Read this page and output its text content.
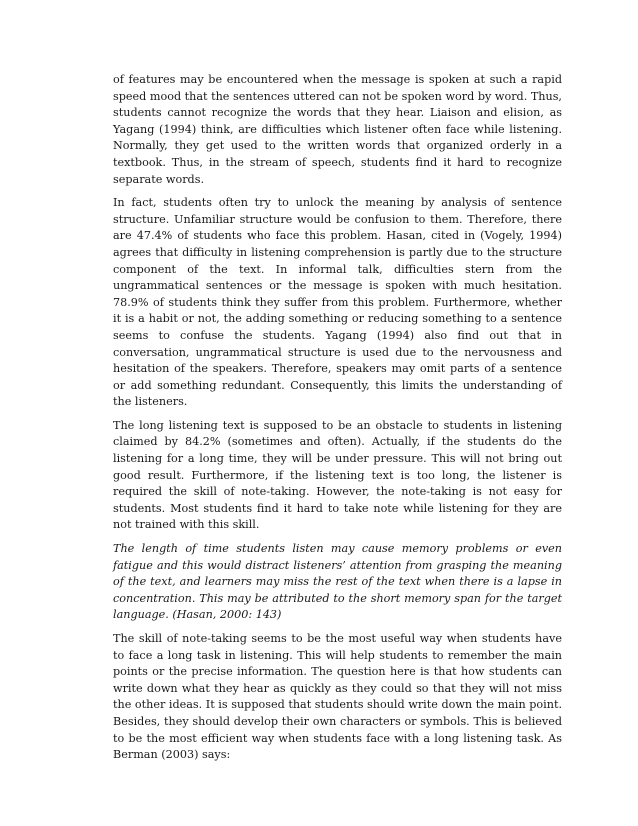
of features may be encountered when the message is spoken at such a rapid speed mood that the sentences uttered can not be spoken word by word. Thus, students cannot recognize the words that they hear. Liaison and elision, as Yagang (1994) think, are difficulties which listener often face while listening. Normally, they get used to the written words that organized orderly in a textbook. Thus, in the stream of speech, students find it hard to recognize separate words.

In fact, students often try to unlock the meaning by analysis of sentence structure. Unfamiliar structure would be confusion to them. Therefore, there are 47.4% of students who face this problem. Hasan, cited in (Vogely, 1994) agrees that difficulty in listening comprehension is partly due to the structure component of the text. In informal talk, difficulties stern from the ungrammatical sentences or the message is spoken with much hesitation. 78.9% of students think they suffer from this problem. Furthermore, whether it is a habit or not, the adding something or reducing something to a sentence seems to confuse the students. Yagang (1994) also find out that in conversation, ungrammatical structure is used due to the nervousness and hesitation of the speakers. Therefore, speakers may omit parts of a sentence or add something redundant. Consequently, this limits the understanding of the listeners.

The long listening text is supposed to be an obstacle to students in listening claimed by 84.2% (sometimes and often). Actually, if the students do the listening for a long time, they will be under pressure. This will not bring out good result. Furthermore, if the listening text is too long, the listener is required the skill of note-taking. However, the note-taking is not easy for students. Most students find it hard to take note while listening for they are not trained with this skill.

The length of time students listen may cause memory problems or even fatigue and this would distract listeners’ attention from grasping the meaning of the text, and learners may miss the rest of the text when there is a lapse in concentration. This may be attributed to the short memory span for the target language. (Hasan, 2000: 143)

The skill of note-taking seems to be the most useful way when students have to face a long task in listening. This will help students to remember the main points or the precise information. The question here is that how students can write down what they hear as quickly as they could so that they will not miss the other ideas. It is supposed that students should write down the main point. Besides, they should develop their own characters or symbols. This is believed to be the most efficient way when students face with a long listening task. As Berman (2003) says:
